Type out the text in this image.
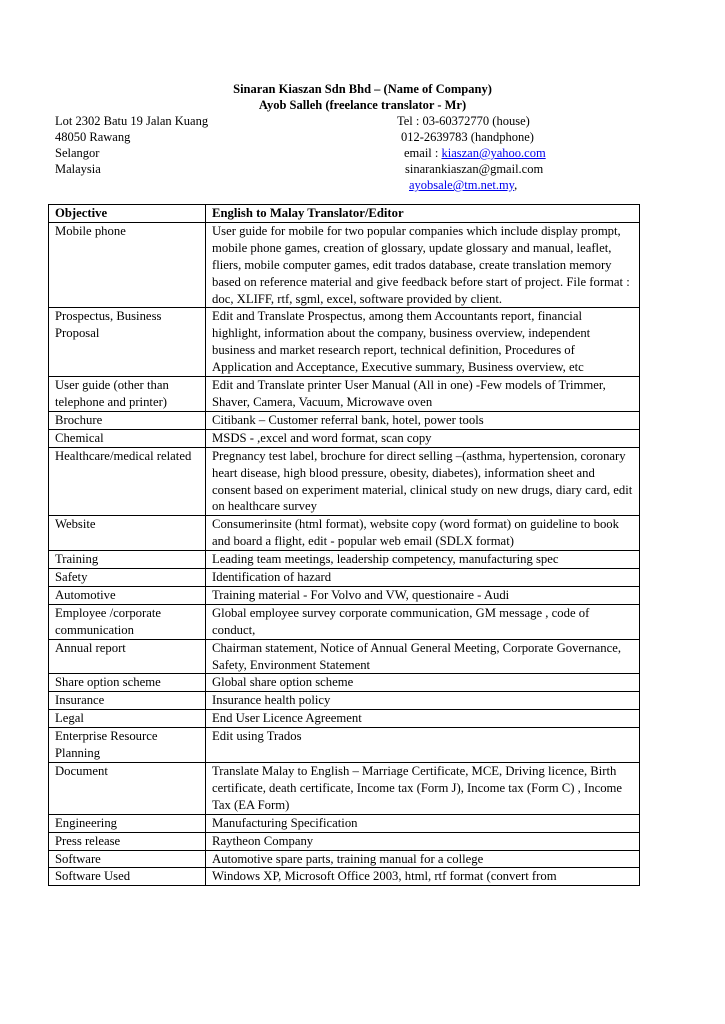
Sinaran Kiaszan Sdn Bhd – (Name of Company)
Ayob Salleh (freelance translator - Mr)
Lot 2302 Batu 19 Jalan Kuang
48050 Rawang
Selangor
Malaysia
Tel : 03-60372770 (house)
012-2639783 (handphone)
email : kiaszan@yahoo.com
sinarankiaszan@gmail.com
ayobsale@tm.net.my,
Objective	English to Malay Translator/Editor
Mobile phone	User guide for mobile for two popular companies which include display prompt, mobile phone games, creation of glossary, update glossary and manual, leaflet, fliers, mobile computer games, edit trados database, create translation memory based on reference material and give feedback before start of project. File format : doc, XLIFF, rtf, sgml, excel, software provided by client.
Prospectus, Business Proposal	Edit and Translate Prospectus, among them Accountants report, financial highlight, information about the company, business overview, independent business and market research report, technical definition, Procedures of Application and Acceptance, Executive summary, Business overview, etc
User guide (other than telephone and printer)	Edit and Translate printer User Manual (All in one) -Few models of Trimmer, Shaver, Camera, Vacuum, Microwave oven
Brochure	Citibank – Customer referral bank, hotel, power tools
Chemical	MSDS - ,excel and word format, scan copy
Healthcare/medical related	Pregnancy test label, brochure for direct selling –(asthma, hypertension, coronary heart disease, high blood pressure, obesity, diabetes), information sheet and consent based on experiment material, clinical study on new drugs, diary card, edit on healthcare survey
Website	Consumerinsite (html format), website copy (word format) on guideline to book and board a flight, edit - popular web email (SDLX format)
Training	Leading team meetings, leadership competency, manufacturing spec
Safety	Identification of hazard
Automotive	Training material - For Volvo and VW, questionaire - Audi
Employee /corporate communication	Global employee survey corporate communication, GM message , code of conduct,
Annual report	Chairman statement, Notice of Annual General Meeting, Corporate Governance, Safety, Environment Statement
Share option scheme	Global share option scheme
Insurance	Insurance health policy
Legal	End User Licence Agreement
Enterprise Resource Planning	Edit using Trados
Document	Translate Malay to English – Marriage Certificate, MCE, Driving licence, Birth certificate, death certificate, Income tax (Form J), Income tax (Form C) , Income Tax (EA Form)
Engineering	Manufacturing Specification
Press release	Raytheon Company
Software	Automotive spare parts, training manual for a college
Software Used	Windows XP, Microsoft Office 2003, html, rtf format (convert from
